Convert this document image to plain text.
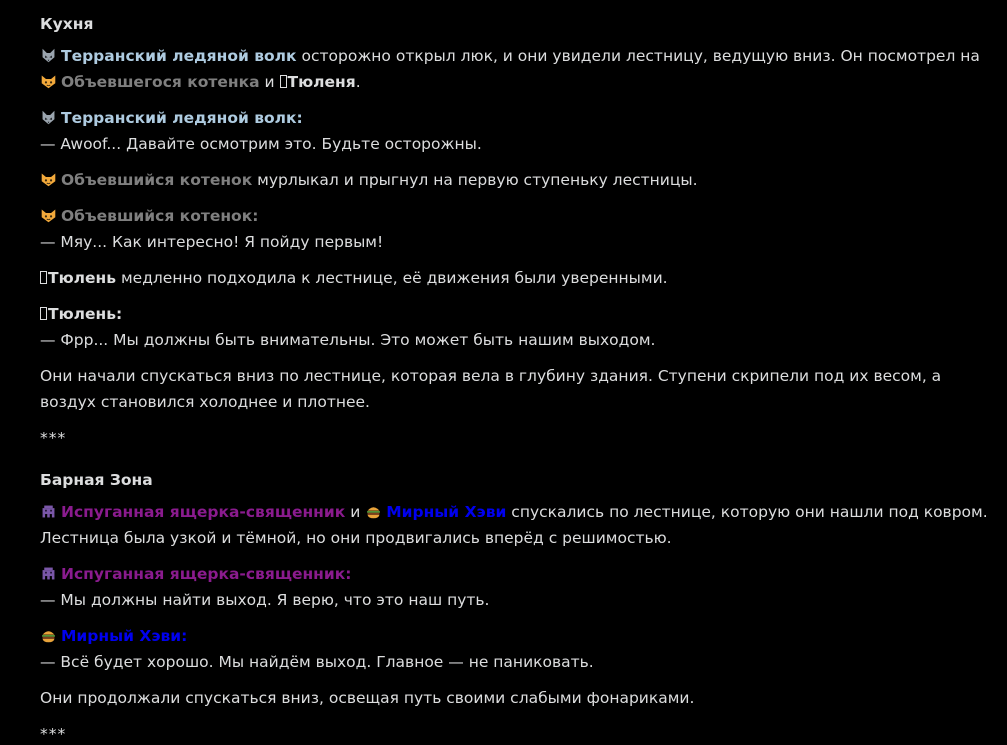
Кухня
Терранский ледяной волк осторожно открыл люк, и они увидели лестницу, ведущую вниз. Он посмотрел на Объевшегося котенка и Тюленя.
Терранский ледяной волк:
— Awoof... Давайте осмотрим это. Будьте осторожны.
Объевшийся котенок мурлыкал и прыгнул на первую ступеньку лестницы.
Объевшийся котенок:
— Мяу... Как интересно! Я пойду первым!
Тюлень медленно подходила к лестнице, её движения были уверенными.
Тюлень:
— Фрр... Мы должны быть внимательны. Это может быть нашим выходом.
Они начали спускаться вниз по лестнице, которая вела в глубину здания. Ступени скрипели под их весом, а воздух становился холоднее и плотнее.
***
Барная Зона
Испуганная ящерка-священник и Мирный Хэви спускались по лестнице, которую они нашли под ковром. Лестница была узкой и тёмной, но они продвигались вперёд с решимостью.
Испуганная ящерка-священник:
— Мы должны найти выход. Я верю, что это наш путь.
Мирный Хэви:
— Всё будет хорошо. Мы найдём выход. Главное — не паниковать.
Они продолжали спускаться вниз, освещая путь своими слабыми фонариками.
***
